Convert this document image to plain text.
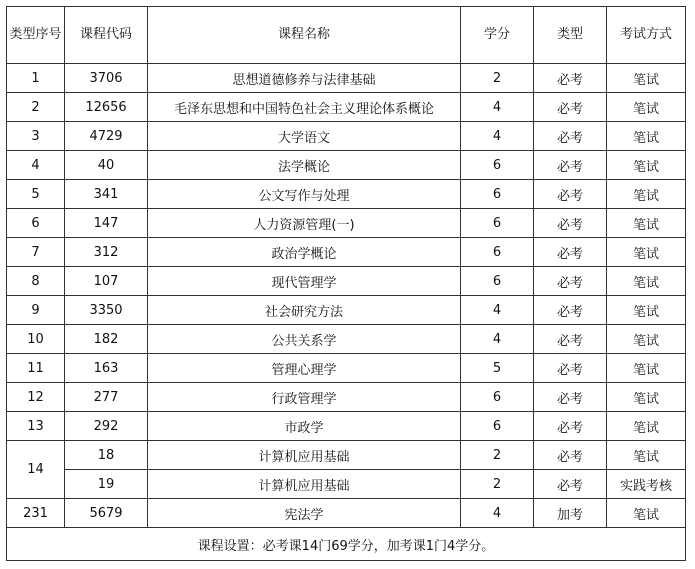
类型序号	课程代码	课程名称	学分	类型	考试方式
1	3706	思想道德修养与法律基础	2	必考	笔试
2	12656	毛泽东思想和中国特色社会主义理论体系概论	4	必考	笔试
3	4729	大学语文	4	必考	笔试
4	40	法学概论	6	必考	笔试
5	341	公文写作与处理	6	必考	笔试
6	147	人力资源管理(一)	6	必考	笔试
7	312	政治学概论	6	必考	笔试
8	107	现代管理学	6	必考	笔试
9	3350	社会研究方法	4	必考	笔试
10	182	公共关系学	4	必考	笔试
11	163	管理心理学	5	必考	笔试
12	277	行政管理学	6	必考	笔试
13	292	市政学	6	必考	笔试
14	18	计算机应用基础	2	必考	笔试
	19	计算机应用基础	2	必考	实践考核
231	5679	宪法学	4	加考	笔试
课程设置：必考课14门69学分，加考课1门4学分。					
